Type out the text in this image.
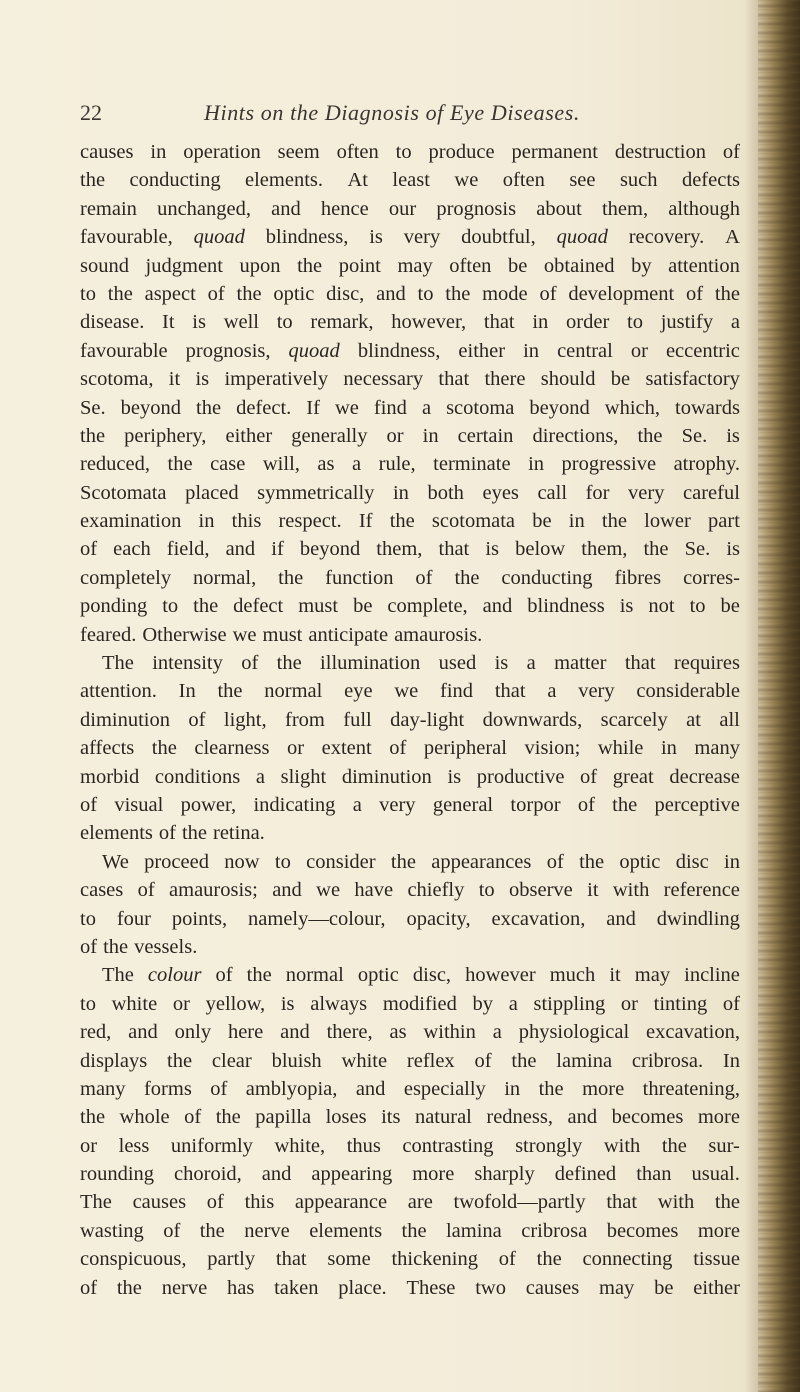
22	Hints on the Diagnosis of Eye Diseases.
causes in operation seem often to produce permanent destruction of
the conducting elements. At least we often see such defects
remain unchanged, and hence our prognosis about them, although
favourable, quoad blindness, is very doubtful, quoad recovery. A
sound judgment upon the point may often be obtained by attention
to the aspect of the optic disc, and to the mode of development of the
disease. It is well to remark, however, that in order to justify a
favourable prognosis, quoad blindness, either in central or eccentric
scotoma, it is imperatively necessary that there should be satisfactory
Se. beyond the defect. If we find a scotoma beyond which, towards
the periphery, either generally or in certain directions, the Se. is
reduced, the case will, as a rule, terminate in progressive atrophy.
Scotomata placed symmetrically in both eyes call for very careful
examination in this respect. If the scotomata be in the lower part
of each field, and if beyond them, that is below them, the Se. is
completely normal, the function of the conducting fibres corres-
ponding to the defect must be complete, and blindness is not to be
feared. Otherwise we must anticipate amaurosis.
The intensity of the illumination used is a matter that requires
attention. In the normal eye we find that a very considerable
diminution of light, from full day-light downwards, scarcely at all
affects the clearness or extent of peripheral vision; while in many
morbid conditions a slight diminution is productive of great decrease
of visual power, indicating a very general torpor of the perceptive
elements of the retina.
We proceed now to consider the appearances of the optic disc in
cases of amaurosis; and we have chiefly to observe it with reference
to four points, namely—colour, opacity, excavation, and dwindling
of the vessels.
The colour of the normal optic disc, however much it may incline
to white or yellow, is always modified by a stippling or tinting of
red, and only here and there, as within a physiological excavation,
displays the clear bluish white reflex of the lamina cribrosa. In
many forms of amblyopia, and especially in the more threatening,
the whole of the papilla loses its natural redness, and becomes more
or less uniformly white, thus contrasting strongly with the sur-
rounding choroid, and appearing more sharply defined than usual.
The causes of this appearance are twofold—partly that with the
wasting of the nerve elements the lamina cribrosa becomes more
conspicuous, partly that some thickening of the connecting tissue
of the nerve has taken place. These two causes may be either
